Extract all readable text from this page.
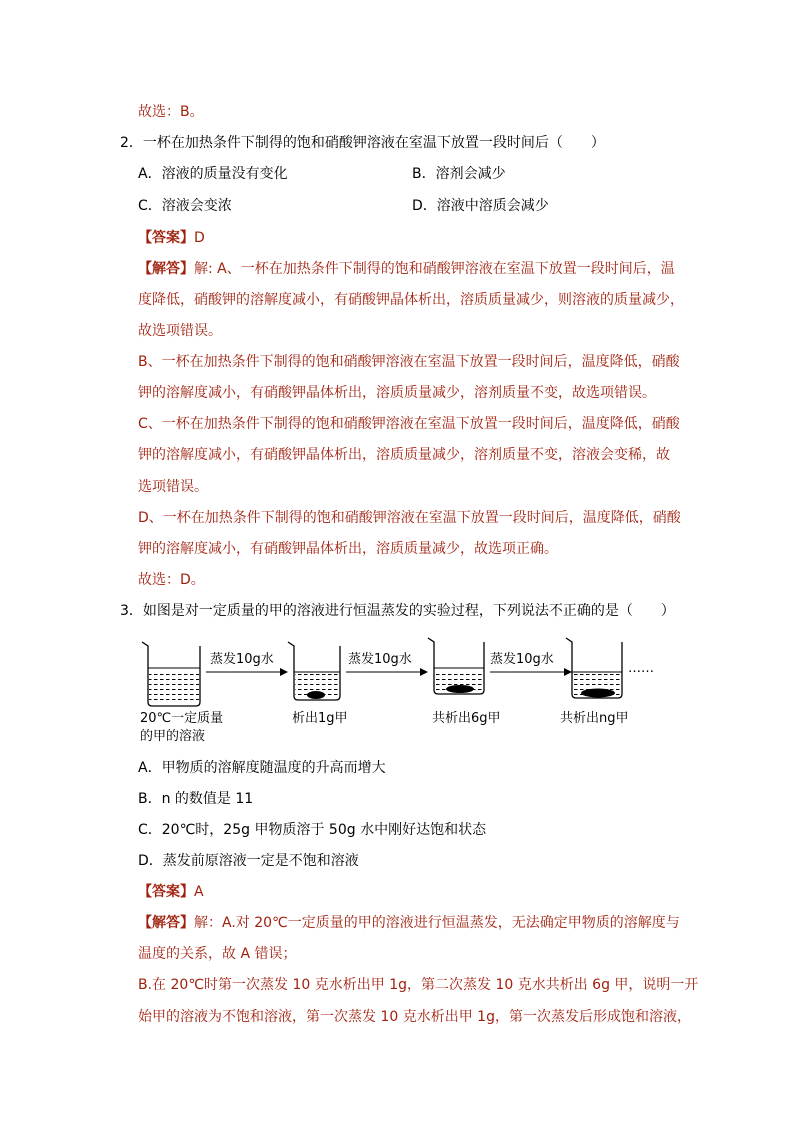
故选：B。
2．一杯在加热条件下制得的饱和硝酸钾溶液在室温下放置一段时间后（　　）
A．溶液的质量没有变化	B．溶剂会减少
C．溶液会变浓	D．溶液中溶质会减少
【答案】D
【解答】解: A、一杯在加热条件下制得的饱和硝酸钾溶液在室温下放置一段时间后，温
度降低，硝酸钾的溶解度减小，有硝酸钾晶体析出，溶质质量减少，则溶液的质量减少，
故选项错误。
B、一杯在加热条件下制得的饱和硝酸钾溶液在室温下放置一段时间后，温度降低，硝酸
钾的溶解度减小，有硝酸钾晶体析出，溶质质量减少，溶剂质量不变，故选项错误。
C、一杯在加热条件下制得的饱和硝酸钾溶液在室温下放置一段时间后，温度降低，硝酸
钾的溶解度减小，有硝酸钾晶体析出，溶质质量减少，溶剂质量不变，溶液会变稀，故
选项错误。
D、一杯在加热条件下制得的饱和硝酸钾溶液在室温下放置一段时间后，温度降低，硝酸
钾的溶解度减小，有硝酸钾晶体析出，溶质质量减少，故选项正确。
故选：D。
3．如图是对一定质量的甲的溶液进行恒温蒸发的实验过程，下列说法不正确的是（　　）
蒸发10g水	蒸发10g水	蒸发10g水
……
20℃一定质量
的甲的溶液
析出1g甲	共析出6g甲	共析出ng甲
A．甲物质的溶解度随温度的升高而增大
B．n 的数值是 11
C．20℃时，25g 甲物质溶于 50g 水中刚好达饱和状态
D．蒸发前原溶液一定是不饱和溶液
【答案】A
【解答】解：A.对 20℃一定质量的甲的溶液进行恒温蒸发，无法确定甲物质的溶解度与
温度的关系，故 A 错误；
B.在 20℃时第一次蒸发 10 克水析出甲 1g，第二次蒸发 10 克水共析出 6g 甲，说明一开
始甲的溶液为不饱和溶液，第一次蒸发 10 克水析出甲 1g，第一次蒸发后形成饱和溶液，
